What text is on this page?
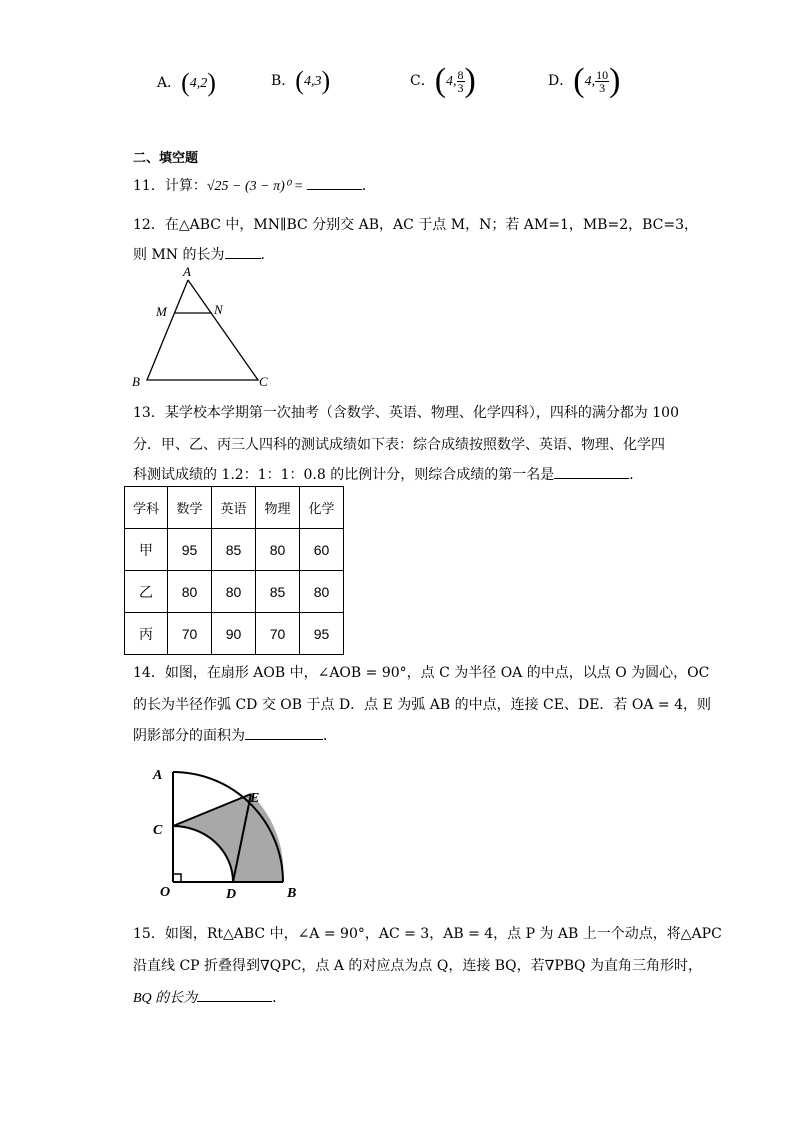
A．(4,2)	B．(4,3)	C．(4, $\frac{8}{3}$ )	D．(4, $\frac{10}{3}$ )
二、填空题
11．计算：√25 − (3 − π)⁰ =	．
12．在△ABC 中，MN∥BC 分别交 AB，AC 于点 M，N；若 AM=1，MB=2，BC=3，
则 MN 的长为	．
A
M	N
B	C
13．某学校本学期第一次抽考（含数学、英语、物理、化学四科），四科的满分都为 100
分．甲、乙、丙三人四科的测试成绩如下表：综合成绩按照数学、英语、物理、化学四
科测试成绩的 1.2：1：1：0.8 的比例计分，则综合成绩的第一名是	．
学科	数学	英语	物理	化学
甲	95	85	80	60
乙	80	80	85	80
丙	70	90	70	95
14．如图，在扇形 AOB 中，∠AOB = 90°，点 C 为半径 OA 的中点，以点 O 为圆心，OC
的长为半径作弧 CD 交 OB 于点 D．点 E 为弧 AB 的中点，连接 CE、DE．若 OA = 4，则
阴影部分的面积为	．
A
E
C
O	D	B
15．如图，Rt△ABC 中，∠A = 90°，AC = 3，AB = 4，点 P 为 AB 上一个动点，将△APC
沿直线 CP 折叠得到∇QPC，点 A 的对应点为点 Q，连接 BQ，若∇PBQ 为直角三角形时，
BQ 的长为	．
